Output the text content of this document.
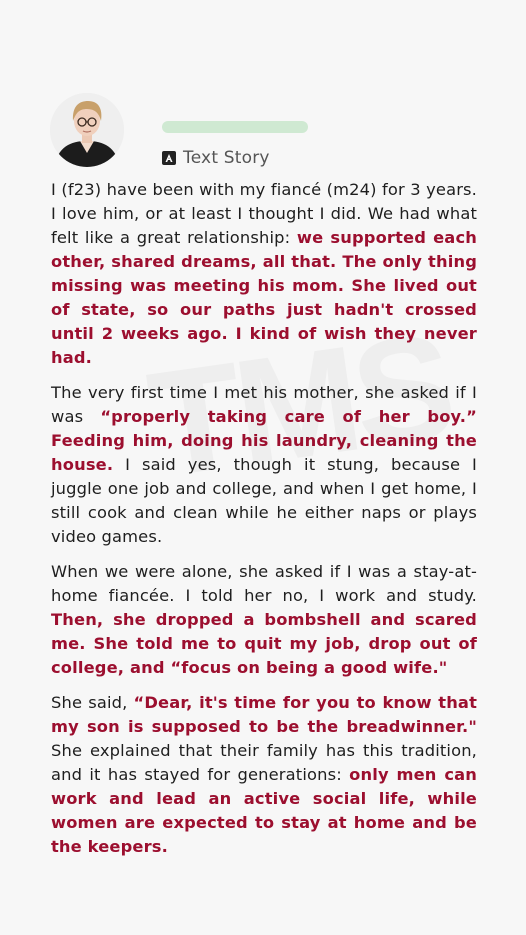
Text Story

I (f23) have been with my fiancé (m24) for 3 years. I love him, or at least I thought I did. We had what felt like a great relationship: we supported each other, shared dreams, all that. The only thing missing was meeting his mom. She lived out of state, so our paths just hadn't crossed until 2 weeks ago. I kind of wish they never had.

The very first time I met his mother, she asked if I was “properly taking care of her boy.” Feeding him, doing his laundry, cleaning the house. I said yes, though it stung, because I juggle one job and college, and when I get home, I still cook and clean while he either naps or plays video games.

When we were alone, she asked if I was a stay-at-home fiancée. I told her no, I work and study. Then, she dropped a bombshell and scared me. She told me to quit my job, drop out of college, and “focus on being a good wife."

She said, “Dear, it's time for you to know that my son is supposed to be the breadwinner." She explained that their family has this tradition, and it has stayed for generations: only men can work and lead an active social life, while women are expected to stay at home and be the keepers.
